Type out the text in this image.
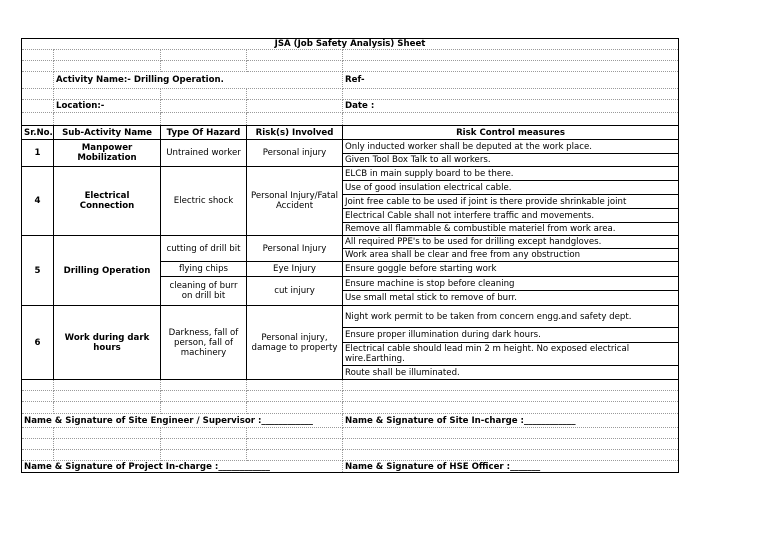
JSA (Job Safety Analysis) Sheet				

	Activity Name:- Drilling Operation.			Ref-

	Location:-			Date :

Sr.No.	Sub-Activity Name	Type Of Hazard	Risk(s) Involved	Risk Control measures
1	Manpower Mobilization	Untrained worker	Personal injury	Only inducted worker shall be deputed at the work place.
				Given Tool Box Talk to all workers.
4	Electrical Connection	Electric shock	Personal Injury/Fatal Accident	ELCB in main supply board to be there.
				Use of good insulation electrical cable.
				Joint free cable to be used if joint is there provide shrinkable joint
				Electrical Cable shall not interfere traffic and movements.
				Remove all flammable & combustible materiel from work area.
5	Drilling Operation	cutting of drill bit	Personal Injury	All required PPE's to be used for drilling except handgloves.
				Work area shall be clear and free from any obstruction
		flying chips	Eye Injury	Ensure goggle before starting work
		cleaning of burr on drill bit	cut injury	Ensure machine is stop before cleaning
				Use small metal stick to remove of burr.
6	Work during dark hours	Darkness, fall of person, fall of machinery	Personal injury, damage to property	Night work permit to be taken from concern engg.and safety dept.
				Ensure proper illumination during dark hours.
				Electrical cable should lead min 2 m height. No exposed electrical wire.Earthing.
				Route shall be illuminated.

Name & Signature of Site Engineer / Supervisor :____________				Name & Signature of Site In-charge :____________

Name & Signature of Project In-charge :____________				Name & Signature of HSE Officer :_______
